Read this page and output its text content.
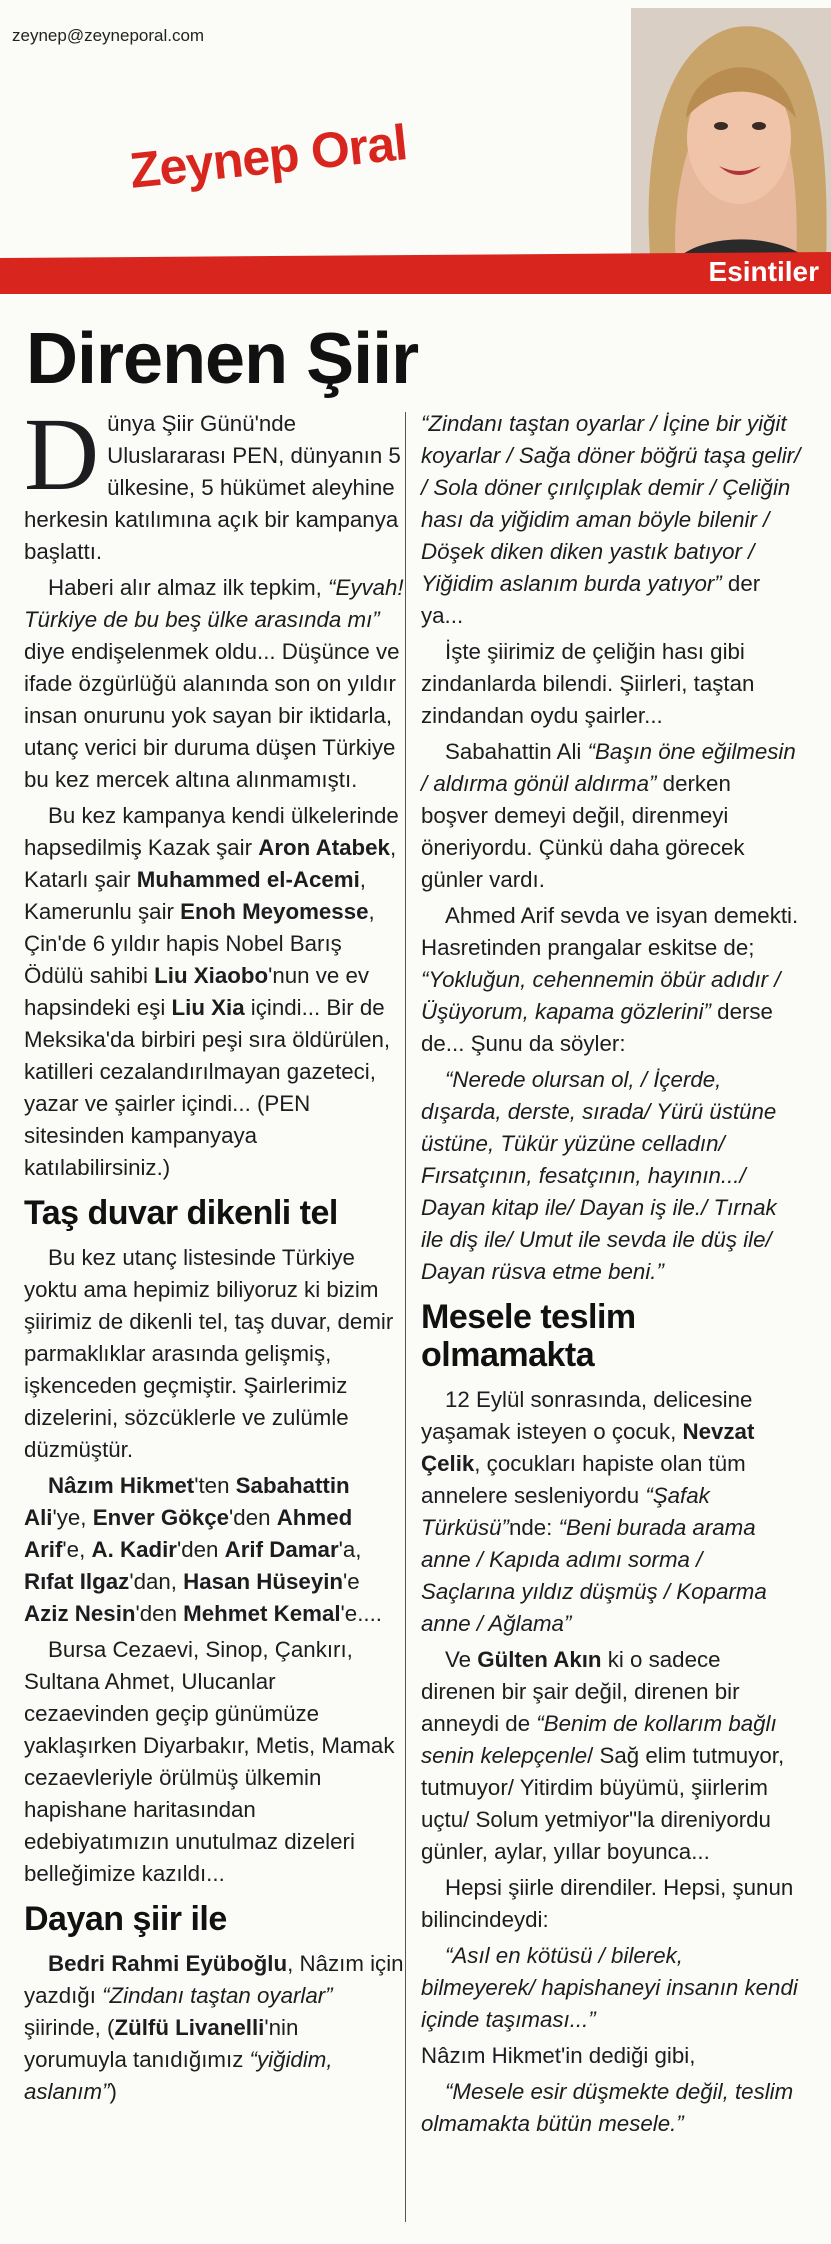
zeynep@zeyneporal.com
Zeynep Oral
Esintiler
Direnen Şiir

Dünya Şiir Günü'nde Uluslararası PEN, dünyanın 5 ülkesine, 5 hükümet aleyhine herkesin katılımına açık bir kampanya başlattı.

Haberi alır almaz ilk tepkim, “Eyvah! Türkiye de bu beş ülke arasında mı” diye endişelenmek oldu... Düşünce ve ifade özgürlüğü alanında son on yıldır insan onurunu yok sayan bir iktidarla, utanç verici bir duruma düşen Türkiye bu kez mercek altına alınmamıştı.

Bu kez kampanya kendi ülkelerinde hapsedilmiş Kazak şair Aron Atabek, Katarlı şair Muhammed el-Acemi, Kamerunlu şair Enoh Meyomesse, Çin'de 6 yıldır hapis Nobel Barış Ödülü sahibi Liu Xiaobo'nun ve ev hapsindeki eşi Liu Xia içindi... Bir de Meksika'da birbiri peşi sıra öldürülen, katilleri cezalandırılmayan gazeteci, yazar ve şairler içindi... (PEN sitesinden kampanyaya katılabilirsiniz.)

Taş duvar dikenli tel

Bu kez utanç listesinde Türkiye yoktu ama hepimiz biliyoruz ki bizim şiirimiz de dikenli tel, taş duvar, demir parmaklıklar arasında gelişmiş, işkenceden geçmiştir. Şairlerimiz dizelerini, sözcüklerle ve zulümle düzmüştür.

Nâzım Hikmet'ten Sabahattin Ali'ye, Enver Gökçe'den Ahmed Arif'e, A. Kadir'den Arif Damar'a, Rıfat Ilgaz'dan, Hasan Hüseyin'e Aziz Nesin'den Mehmet Kemal'e....

Bursa Cezaevi, Sinop, Çankırı, Sultana Ahmet, Ulucanlar cezaevinden geçip günümüze yaklaşırken Diyarbakır, Metis, Mamak cezaevleriyle örülmüş ülkemin hapishane haritasından edebiyatımızın unutulmaz dizeleri belleğimize kazıldı...

Dayan şiir ile

Bedri Rahmi Eyüboğlu, Nâzım için yazdığı “Zindanı taştan oyarlar” şiirinde, (Zülfü Livanelli'nin yorumuyla tanıdığımız “yiğidim, aslanım”)

“Zindanı taştan oyarlar / İçine bir yiğit koyarlar / Sağa döner böğrü taşa gelir/ / Sola döner çırılçıplak demir / Çeliğin hası da yiğidim aman böyle bilenir / Döşek diken diken yastık batıyor / Yiğidim aslanım burda yatıyor” der ya...

İşte şiirimiz de çeliğin hası gibi zindanlarda bilendi. Şiirleri, taştan zindandan oydu şairler...

Sabahattin Ali “Başın öne eğilmesin / aldırma gönül aldırma” derken boşver demeyi değil, direnmeyi öneriyordu. Çünkü daha görecek günler vardı.

Ahmed Arif sevda ve isyan demekti. Hasretinden prangalar eskitse de; “Yokluğun, cehennemin öbür adıdır / Üşüyorum, kapama gözlerini” derse de... Şunu da söyler:

“Nerede olursan ol, / İçerde, dışarda, derste, sırada/ Yürü üstüne üstüne, Tükür yüzüne celladın/ Fırsatçının, fesatçının, hayının.../ Dayan kitap ile/ Dayan iş ile./ Tırnak ile diş ile/ Umut ile sevda ile düş ile/ Dayan rüsva etme beni.”

Mesele teslim olmamakta

12 Eylül sonrasında, delicesine yaşamak isteyen o çocuk, Nevzat Çelik, çocukları hapiste olan tüm annelere sesleniyordu “Şafak Türküsü”nde: “Beni burada arama anne / Kapıda adımı sorma / Saçlarına yıldız düşmüş / Koparma anne / Ağlama”

Ve Gülten Akın ki o sadece direnen bir şair değil, direnen bir anneydi de “Benim de kollarım bağlı senin kelepçenle/ Sağ elim tutmuyor, tutmuyor/ Yitirdim büyümü, şiirlerim uçtu/ Solum yetmiyor"la direniyordu günler, aylar, yıllar boyunca...

Hepsi şiirle direndiler. Hepsi, şunun bilincindeydi:

“Asıl en kötüsü / bilerek, bilmeyerek/ hapishaneyi insanın kendi içinde taşıması...”

Nâzım Hikmet'in dediği gibi,

“Mesele esir düşmekte değil, teslim olmamakta bütün mesele.”
